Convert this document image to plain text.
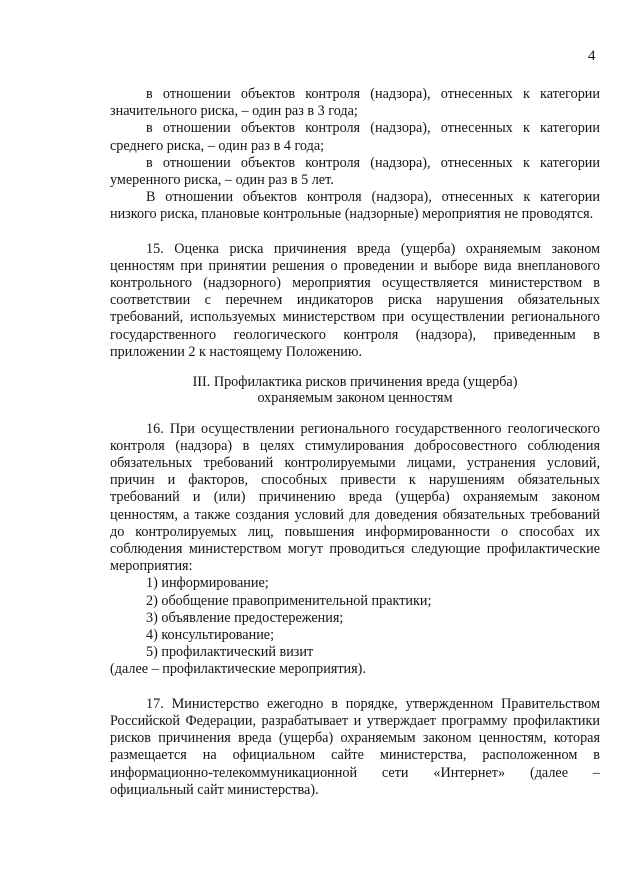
4

в отношении объектов контроля (надзора), отнесенных к категории значительного риска, – один раз в 3 года;

в отношении объектов контроля (надзора), отнесенных к категории среднего риска, – один раз в 4 года;

в отношении объектов контроля (надзора), отнесенных к категории умеренного риска, – один раз в 5 лет.

В отношении объектов контроля (надзора), отнесенных к категории низкого риска, плановые контрольные (надзорные) мероприятия не проводятся.

15. Оценка риска причинения вреда (ущерба) охраняемым законом ценностям при принятии решения о проведении и выборе вида внепланового контрольного (надзорного) мероприятия осуществляется министерством в соответствии с перечнем индикаторов риска нарушения обязательных требований, используемых министерством при осуществлении регионального государственного геологического контроля (надзора), приведенным в приложении 2 к настоящему Положению.

III. Профилактика рисков причинения вреда (ущерба)
охраняемым законом ценностям

16. При осуществлении регионального государственного геологического контроля (надзора) в целях стимулирования добросовестного соблюдения обязательных требований контролируемыми лицами, устранения условий, причин и факторов, способных привести к нарушениям обязательных требований и (или) причинению вреда (ущерба) охраняемым законом ценностям, а также создания условий для доведения обязательных требований до контролируемых лиц, повышения информированности о способах их соблюдения министерством могут проводиться следующие профилактические мероприятия:

1) информирование;
2) обобщение правоприменительной практики;
3) объявление предостережения;
4) консультирование;
5) профилактический визит

(далее – профилактические мероприятия).

17. Министерство ежегодно в порядке, утвержденном Правительством Российской Федерации, разрабатывает и утверждает программу профилактики рисков причинения вреда (ущерба) охраняемым законом ценностям, которая размещается на официальном сайте министерства, расположенном в информационно-телекоммуникационной сети «Интернет» (далее – официальный сайт министерства).
